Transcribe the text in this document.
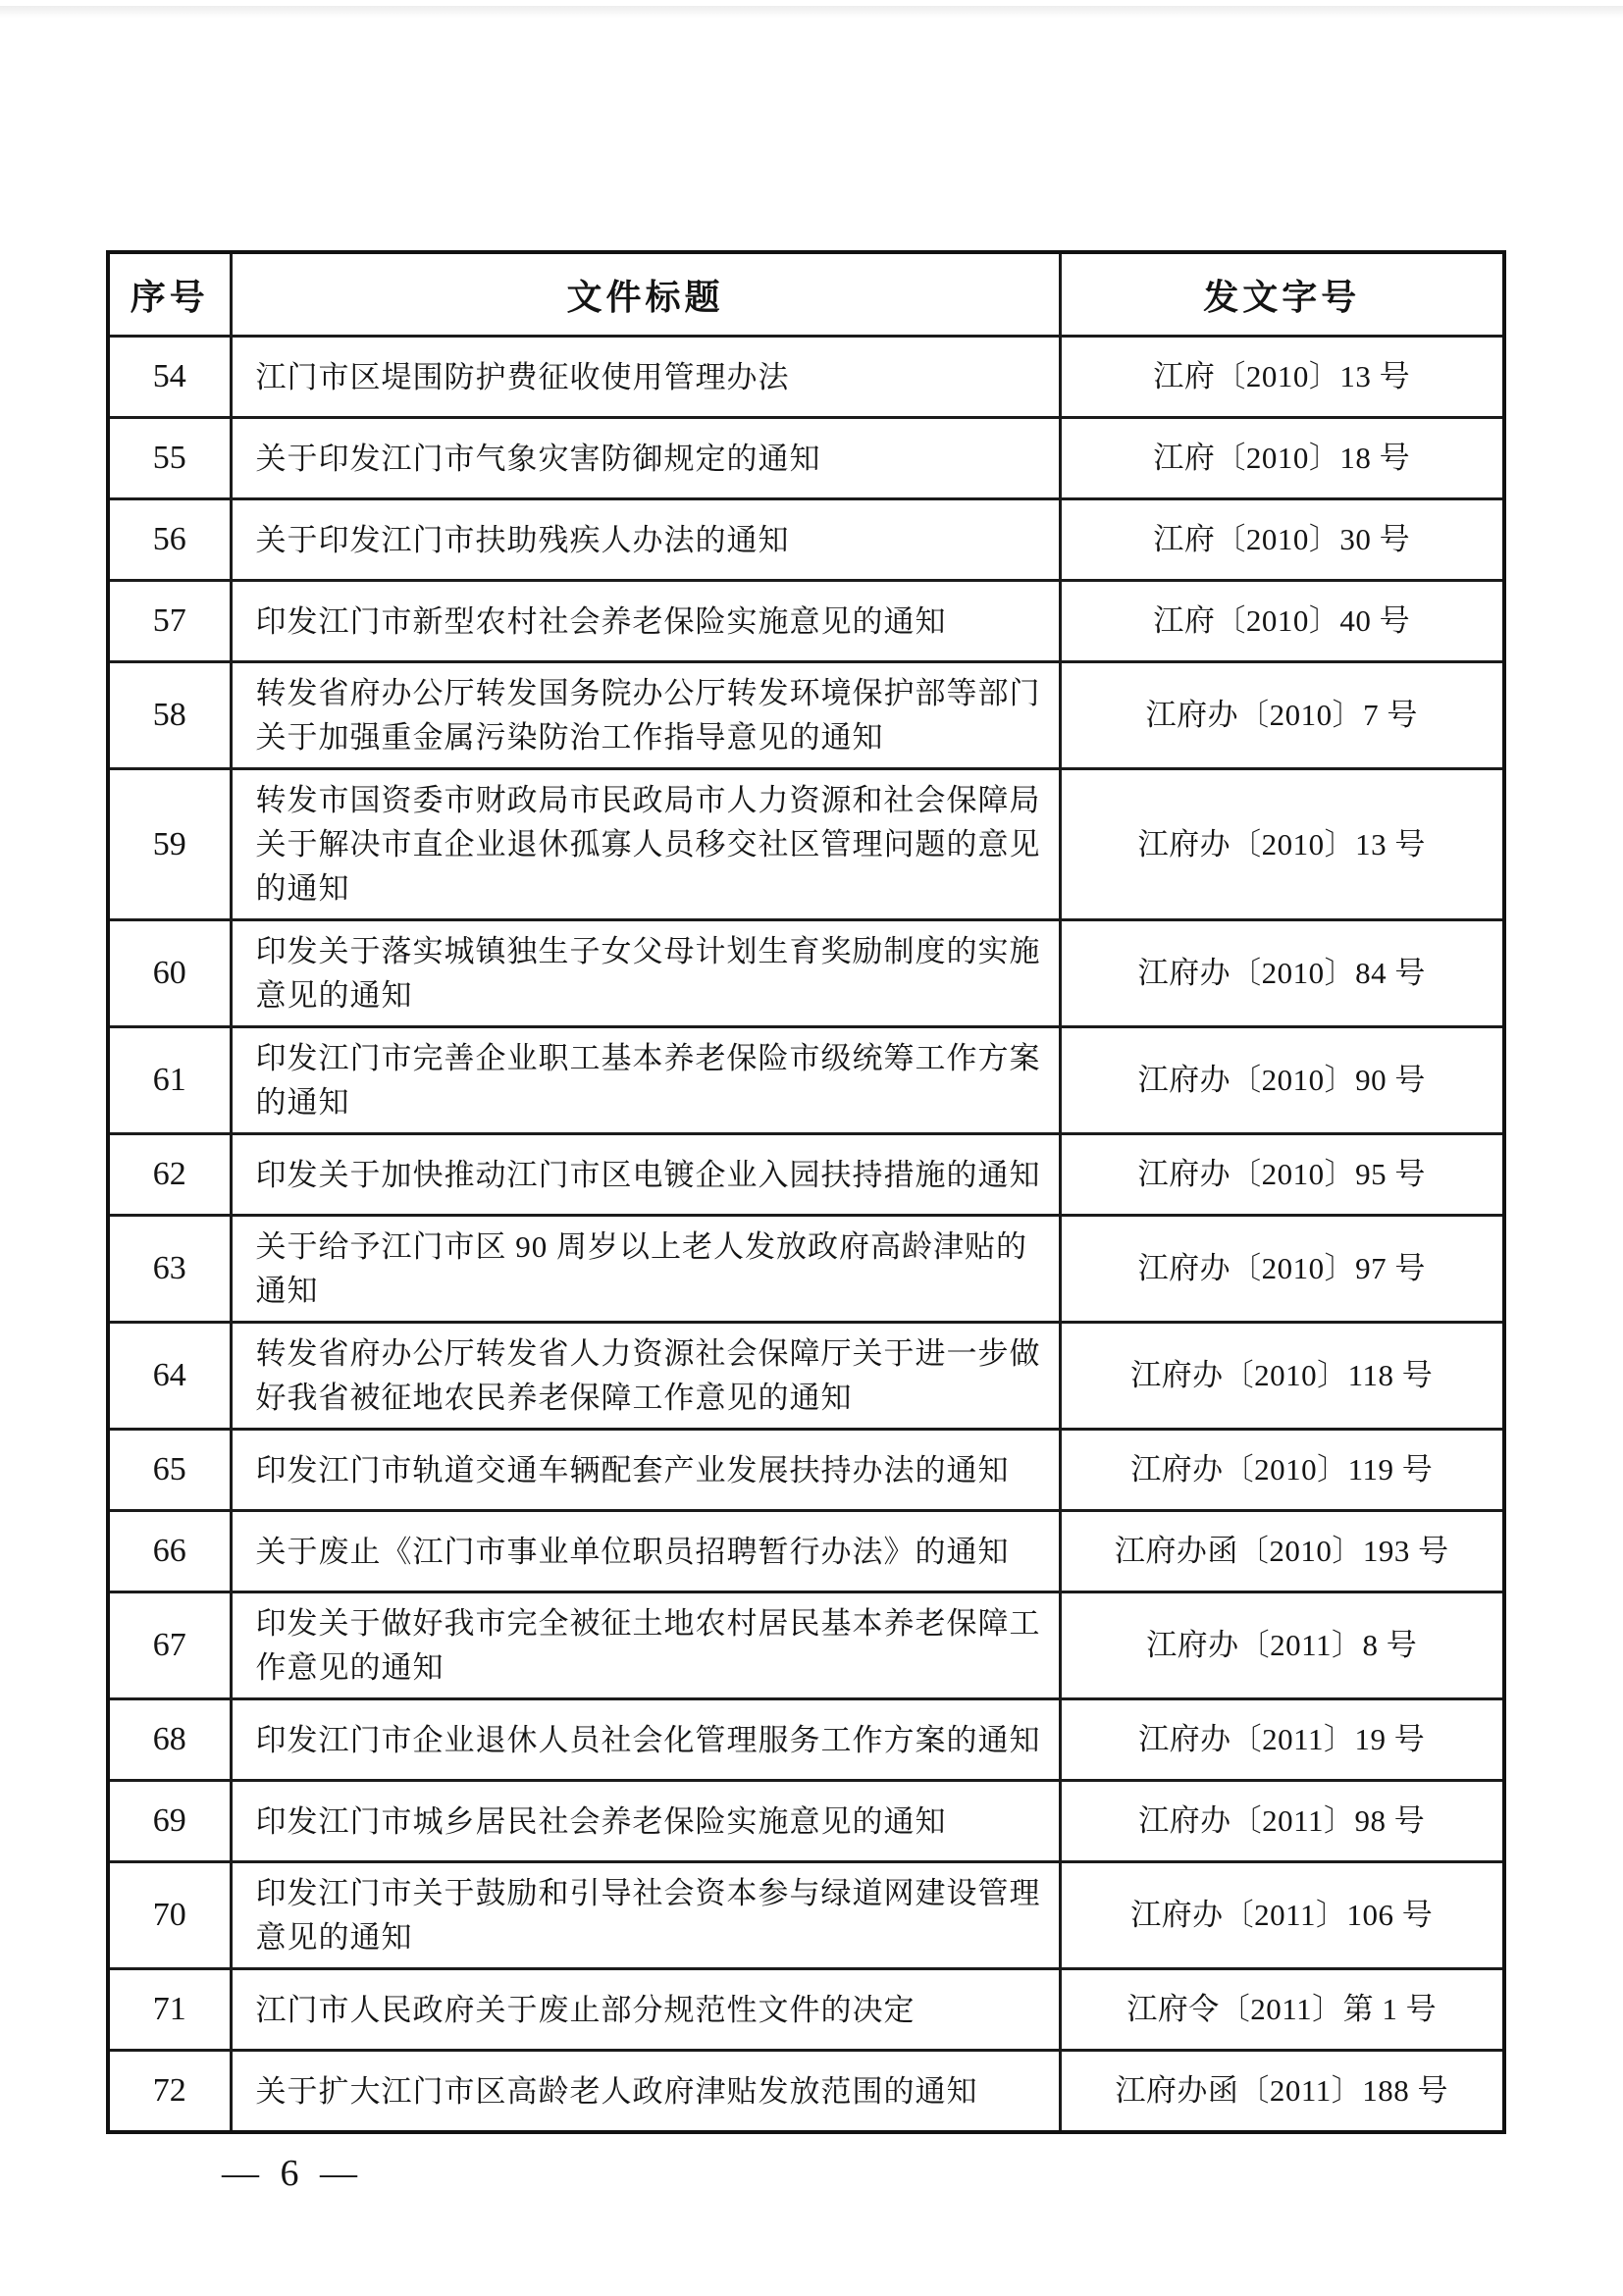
序号	文件标题	发文字号
54	江门市区堤围防护费征收使用管理办法	江府〔2010〕13 号
55	关于印发江门市气象灾害防御规定的通知	江府〔2010〕18 号
56	关于印发江门市扶助残疾人办法的通知	江府〔2010〕30 号
57	印发江门市新型农村社会养老保险实施意见的通知	江府〔2010〕40 号
58	转发省府办公厅转发国务院办公厅转发环境保护部等部门关于加强重金属污染防治工作指导意见的通知	江府办〔2010〕7 号
59	转发市国资委市财政局市民政局市人力资源和社会保障局关于解决市直企业退休孤寡人员移交社区管理问题的意见的通知	江府办〔2010〕13 号
60	印发关于落实城镇独生子女父母计划生育奖励制度的实施意见的通知	江府办〔2010〕84 号
61	印发江门市完善企业职工基本养老保险市级统筹工作方案的通知	江府办〔2010〕90 号
62	印发关于加快推动江门市区电镀企业入园扶持措施的通知	江府办〔2010〕95 号
63	关于给予江门市区 90 周岁以上老人发放政府高龄津贴的通知	江府办〔2010〕97 号
64	转发省府办公厅转发省人力资源社会保障厅关于进一步做好我省被征地农民养老保障工作意见的通知	江府办〔2010〕118 号
65	印发江门市轨道交通车辆配套产业发展扶持办法的通知	江府办〔2010〕119 号
66	关于废止《江门市事业单位职员招聘暂行办法》的通知	江府办函〔2010〕193 号
67	印发关于做好我市完全被征土地农村居民基本养老保障工作意见的通知	江府办〔2011〕8 号
68	印发江门市企业退休人员社会化管理服务工作方案的通知	江府办〔2011〕19 号
69	印发江门市城乡居民社会养老保险实施意见的通知	江府办〔2011〕98 号
70	印发江门市关于鼓励和引导社会资本参与绿道网建设管理意见的通知	江府办〔2011〕106 号
71	江门市人民政府关于废止部分规范性文件的决定	江府令〔2011〕第 1 号
72	关于扩大江门市区高龄老人政府津贴发放范围的通知	江府办函〔2011〕188 号
— 6 —
